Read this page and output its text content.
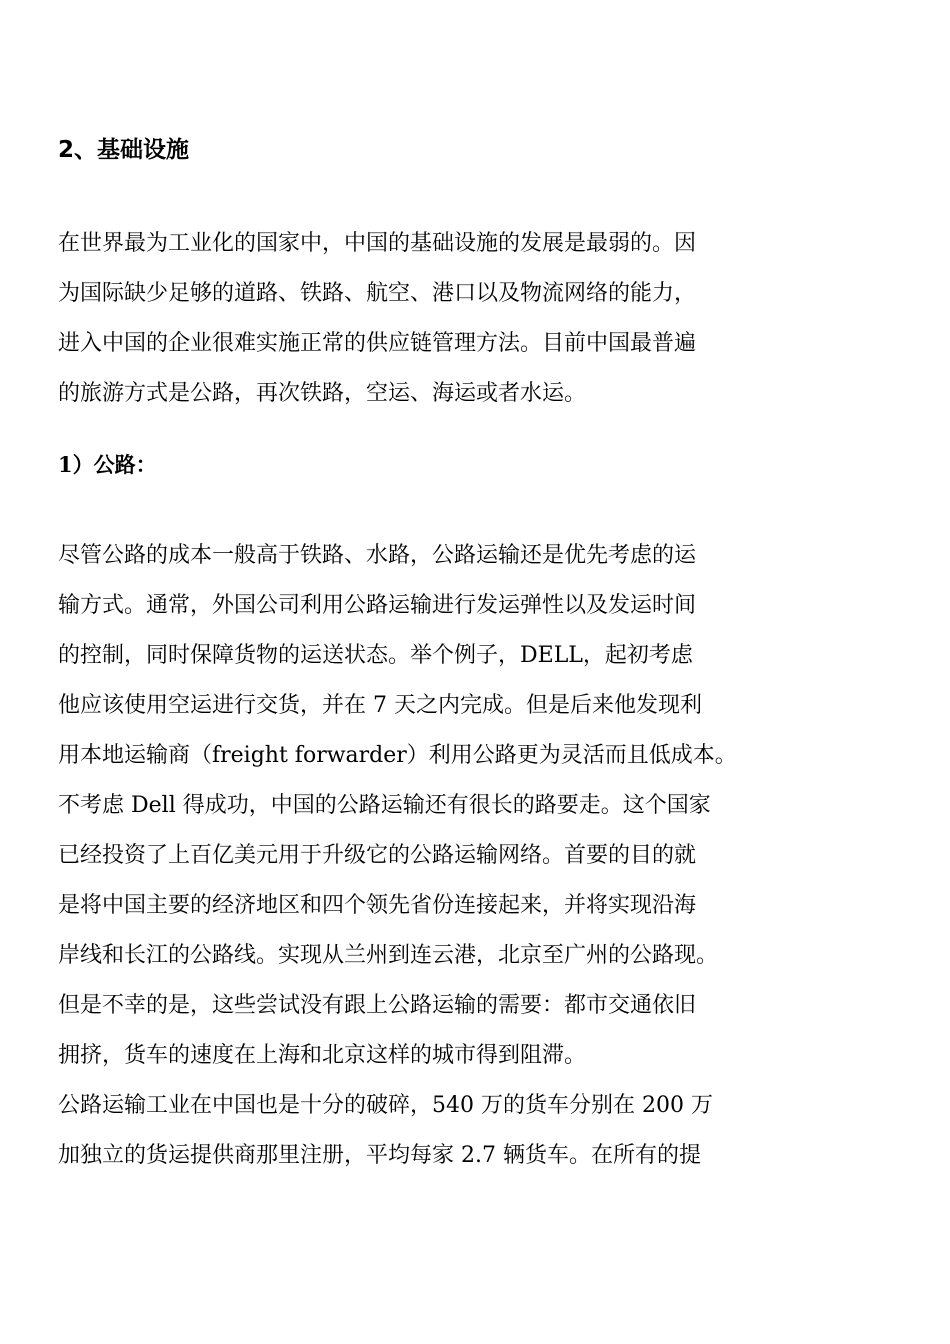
2、基础设施

在世界最为工业化的国家中，中国的基础设施的发展是最弱的。因
为国际缺少足够的道路、铁路、航空、港口以及物流网络的能力，
进入中国的企业很难实施正常的供应链管理方法。目前中国最普遍
的旅游方式是公路，再次铁路，空运、海运或者水运。

1）公路：

尽管公路的成本一般高于铁路、水路，公路运输还是优先考虑的运
输方式。通常，外国公司利用公路运输进行发运弹性以及发运时间
的控制，同时保障货物的运送状态。举个例子，DELL，起初考虑
他应该使用空运进行交货，并在 7 天之内完成。但是后来他发现利
用本地运输商（freight forwarder）利用公路更为灵活而且低成本。
不考虑 Dell 得成功，中国的公路运输还有很长的路要走。这个国家
已经投资了上百亿美元用于升级它的公路运输网络。首要的目的就
是将中国主要的经济地区和四个领先省份连接起来，并将实现沿海
岸线和长江的公路线。实现从兰州到连云港，北京至广州的公路现。
但是不幸的是，这些尝试没有跟上公路运输的需要：都市交通依旧
拥挤，货车的速度在上海和北京这样的城市得到阻滞。
公路运输工业在中国也是十分的破碎，540 万的货车分别在 200 万
加独立的货运提供商那里注册，平均每家 2.7 辆货车。在所有的提
